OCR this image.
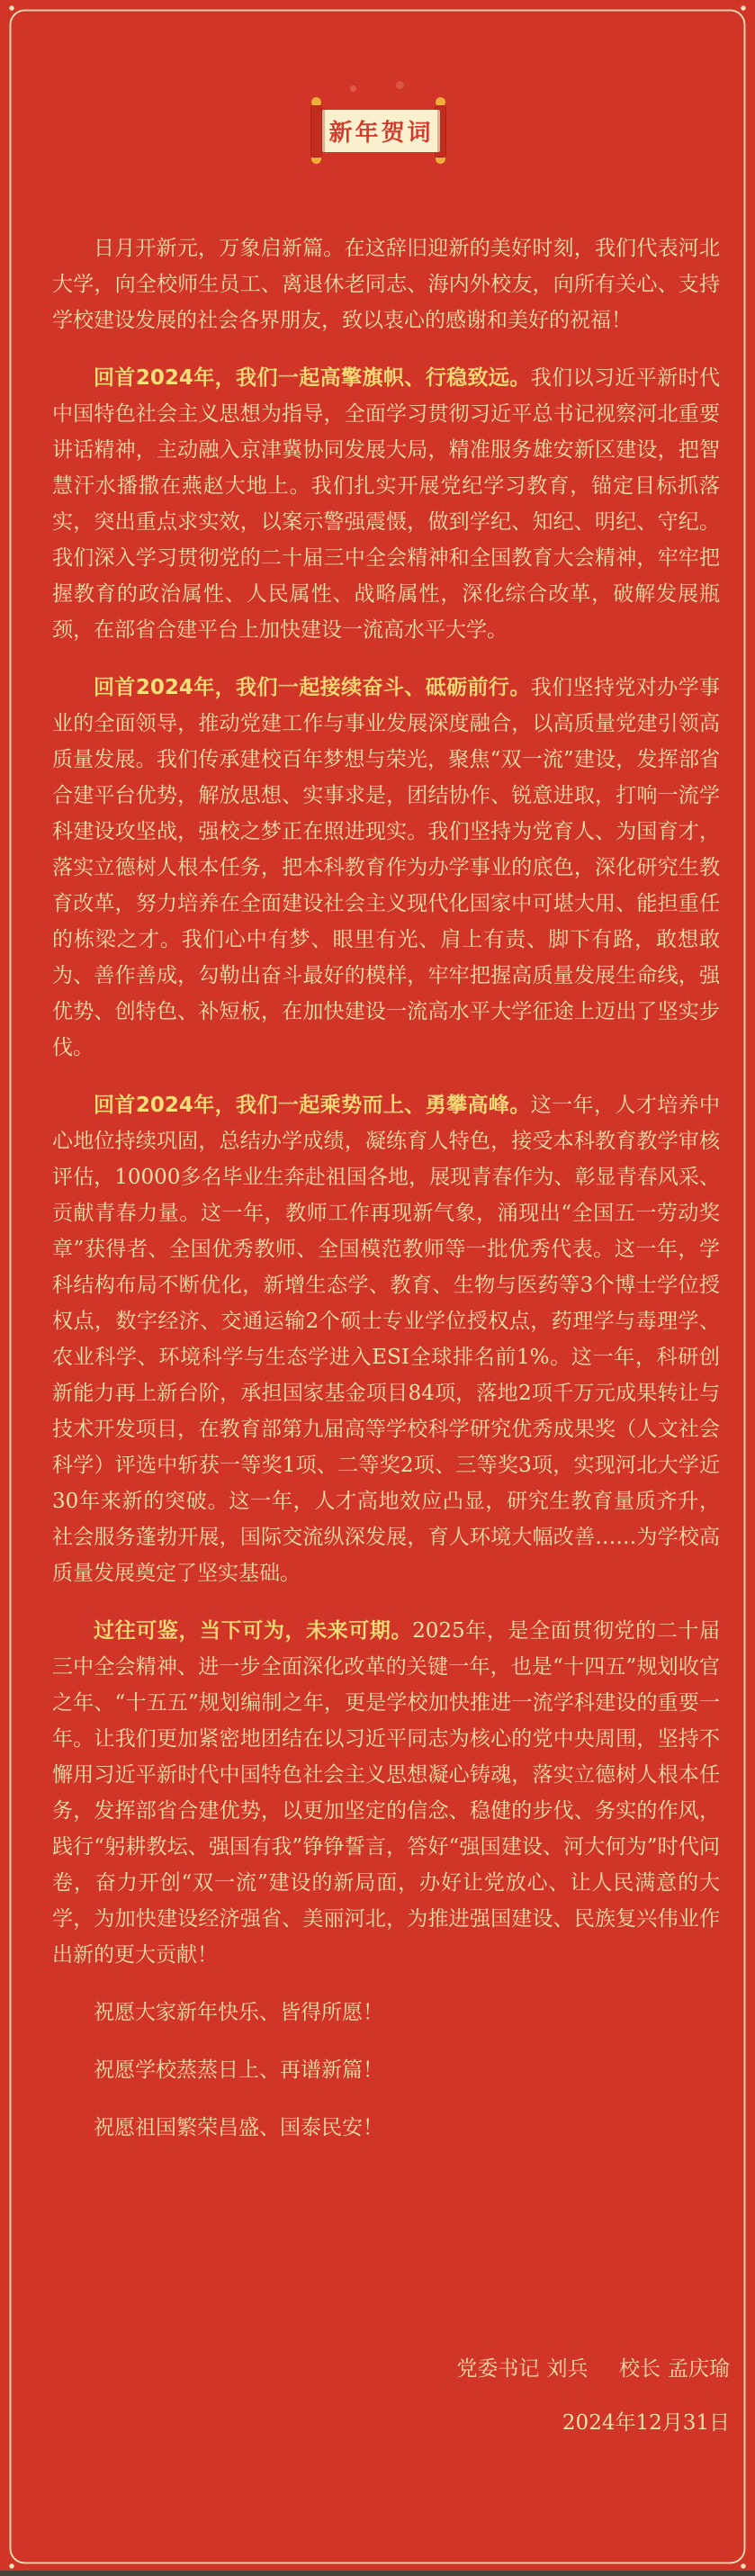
新年贺词

日月开新元，万象启新篇。在这辞旧迎新的美好时刻，我们代表河北大学，向全校师生员工、离退休老同志、海内外校友，向所有关心、支持学校建设发展的社会各界朋友，致以衷心的感谢和美好的祝福！

回首2024年，我们一起高擎旗帜、行稳致远。我们以习近平新时代中国特色社会主义思想为指导，全面学习贯彻习近平总书记视察河北重要讲话精神，主动融入京津冀协同发展大局，精准服务雄安新区建设，把智慧汗水播撒在燕赵大地上。我们扎实开展党纪学习教育，锚定目标抓落实，突出重点求实效，以案示警强震慑，做到学纪、知纪、明纪、守纪。我们深入学习贯彻党的二十届三中全会精神和全国教育大会精神，牢牢把握教育的政治属性、人民属性、战略属性，深化综合改革，破解发展瓶颈，在部省合建平台上加快建设一流高水平大学。

回首2024年，我们一起接续奋斗、砥砺前行。我们坚持党对办学事业的全面领导，推动党建工作与事业发展深度融合，以高质量党建引领高质量发展。我们传承建校百年梦想与荣光，聚焦“双一流”建设，发挥部省合建平台优势，解放思想、实事求是，团结协作、锐意进取，打响一流学科建设攻坚战，强校之梦正在照进现实。我们坚持为党育人、为国育才，落实立德树人根本任务，把本科教育作为办学事业的底色，深化研究生教育改革，努力培养在全面建设社会主义现代化国家中可堪大用、能担重任的栋梁之才。我们心中有梦、眼里有光、肩上有责、脚下有路，敢想敢为、善作善成，勾勒出奋斗最好的模样，牢牢把握高质量发展生命线，强优势、创特色、补短板，在加快建设一流高水平大学征途上迈出了坚实步伐。

回首2024年，我们一起乘势而上、勇攀高峰。这一年，人才培养中心地位持续巩固，总结办学成绩，凝练育人特色，接受本科教育教学审核评估，10000多名毕业生奔赴祖国各地，展现青春作为、彰显青春风采、贡献青春力量。这一年，教师工作再现新气象，涌现出“全国五一劳动奖章”获得者、全国优秀教师、全国模范教师等一批优秀代表。这一年，学科结构布局不断优化，新增生态学、教育、生物与医药等3个博士学位授权点，数字经济、交通运输2个硕士专业学位授权点，药理学与毒理学、农业科学、环境科学与生态学进入ESI全球排名前1%。这一年，科研创新能力再上新台阶，承担国家基金项目84项，落地2项千万元成果转让与技术开发项目，在教育部第九届高等学校科学研究优秀成果奖（人文社会科学）评选中斩获一等奖1项、二等奖2项、三等奖3项，实现河北大学近30年来新的突破。这一年，人才高地效应凸显，研究生教育量质齐升，社会服务蓬勃开展，国际交流纵深发展，育人环境大幅改善……为学校高质量发展奠定了坚实基础。

过往可鉴，当下可为，未来可期。2025年，是全面贯彻党的二十届三中全会精神、进一步全面深化改革的关键一年，也是“十四五”规划收官之年、“十五五”规划编制之年，更是学校加快推进一流学科建设的重要一年。让我们更加紧密地团结在以习近平同志为核心的党中央周围，坚持不懈用习近平新时代中国特色社会主义思想凝心铸魂，落实立德树人根本任务，发挥部省合建优势，以更加坚定的信念、稳健的步伐、务实的作风，践行“躬耕教坛、强国有我”铮铮誓言，答好“强国建设、河大何为”时代问卷，奋力开创“双一流”建设的新局面，办好让党放心、让人民满意的大学，为加快建设经济强省、美丽河北，为推进强国建设、民族复兴伟业作出新的更大贡献！

祝愿大家新年快乐、皆得所愿！

祝愿学校蒸蒸日上、再谱新篇！

祝愿祖国繁荣昌盛、国泰民安！

党委书记 刘兵 校长 孟庆瑜
2024年12月31日
